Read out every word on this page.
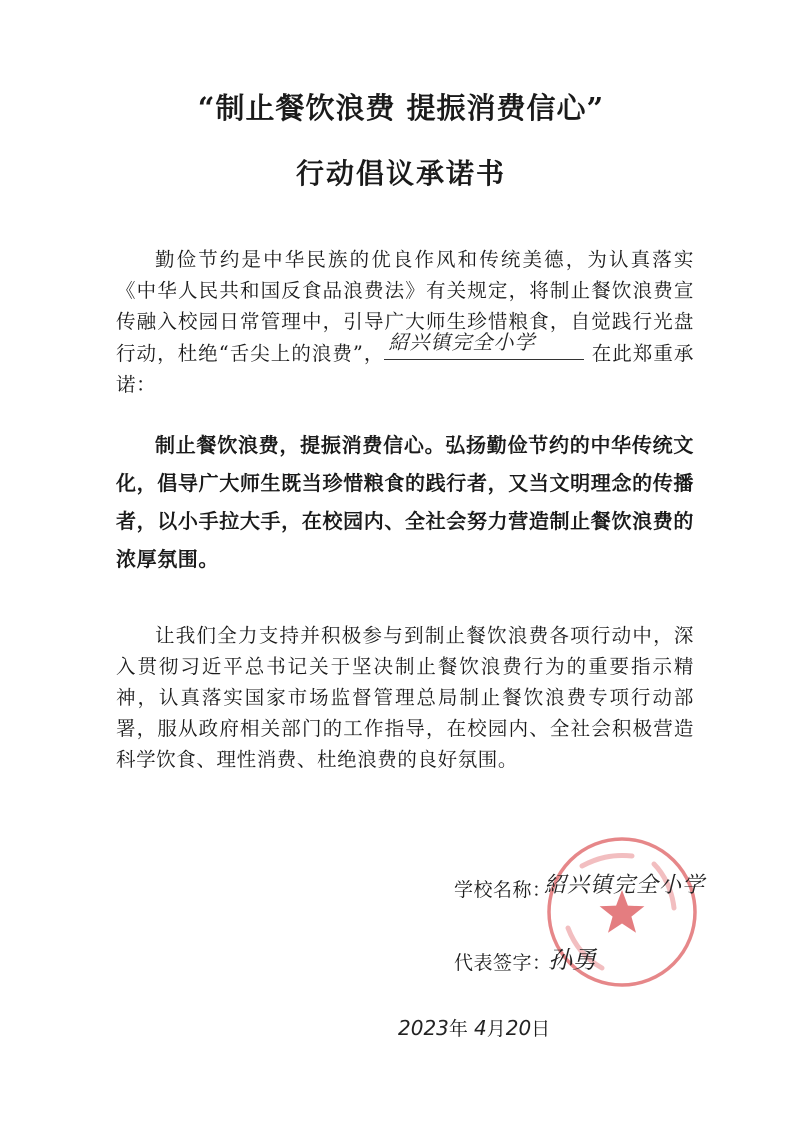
“制止餐饮浪费 提振消费信心”
行动倡议承诺书
勤俭节约是中华民族的优良作风和传统美德，为认真落实《中华人民共和国反食品浪费法》有关规定，将制止餐饮浪费宣传融入校园日常管理中，引导广大师生珍惜粮食，自觉践行光盘行动，杜绝“舌尖上的浪费”， 紹兴镇完全小学	在此郑重承诺：
制止餐饮浪费，提振消费信心。弘扬勤俭节约的中华传统文化，倡导广大师生既当珍惜粮食的践行者，又当文明理念的传播者，以小手拉大手，在校园内、全社会努力营造制止餐饮浪费的浓厚氛围。
让我们全力支持并积极参与到制止餐饮浪费各项行动中，深入贯彻习近平总书记关于坚决制止餐饮浪费行为的重要指示精神，认真落实国家市场监督管理总局制止餐饮浪费专项行动部署，服从政府相关部门的工作指导，在校园内、全社会积极营造科学饮食、理性消费、杜绝浪费的良好氛围。
学校名称：
紹兴镇完全小学
代表签字：
孙勇
2023年 4月20日
